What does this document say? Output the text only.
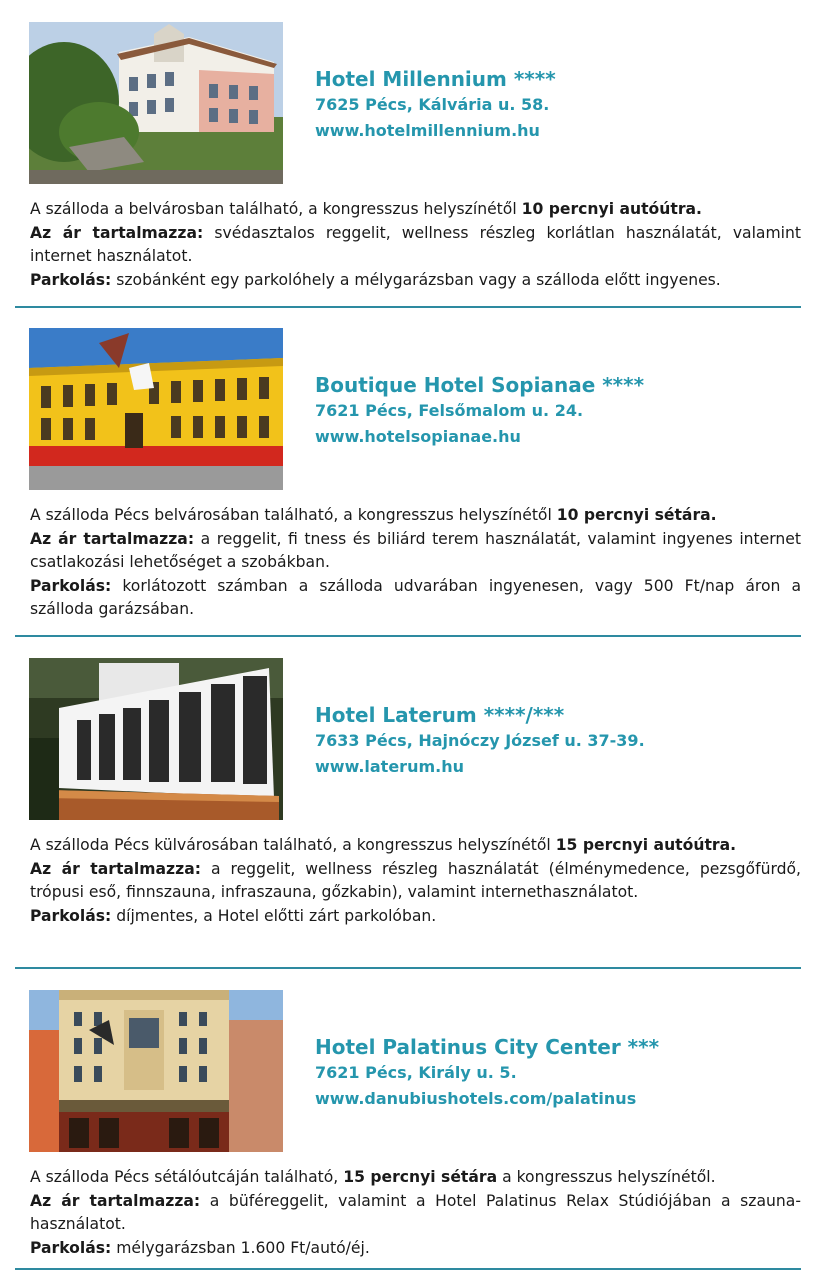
Hotel Millennium ****
7625 Pécs, Kálvária u. 58.
www.hotelmillennium.hu

A szálloda a belvárosban található, a kongresszus helyszínétől 10 percnyi autóútra.

Az ár tartalmazza: svédasztalos reggelit, wellness részleg korlátlan használatát, valamint internet használatot.

Parkolás: szobánként egy parkolóhely a mélygarázsban vagy a szálloda előtt ingyenes.

Boutique Hotel Sopianae ****
7621 Pécs, Felsőmalom u. 24.
www.hotelsopianae.hu

A szálloda Pécs belvárosában található, a kongresszus helyszínétől 10 percnyi sétára.

Az ár tartalmazza: a reggelit, fi tness és biliárd terem használatát, valamint ingyenes internet csatlakozási lehetőséget a szobákban.

Parkolás: korlátozott számban a szálloda udvarában ingyenesen, vagy 500 Ft/nap áron a szálloda garázsában.

Hotel Laterum ****/***
7633 Pécs, Hajnóczy József u. 37-39.
www.laterum.hu

A szálloda Pécs külvárosában található, a kongresszus helyszínétől 15 percnyi autóútra.

Az ár tartalmazza: a reggelit, wellness részleg használatát (élménymedence, pezsgőfürdő, trópusi eső, finnszauna, infraszauna, gőzkabin), valamint internethasználatot.

Parkolás: díjmentes, a Hotel előtti zárt parkolóban.

Hotel Palatinus City Center ***
7621 Pécs, Király u. 5.
www.danubiushotels.com/palatinus

A szálloda Pécs sétálóutcáján található, 15 percnyi sétára a kongresszus helyszínétől.

Az ár tartalmazza: a büféreggelit, valamint a Hotel Palatinus Relax Stúdiójában a szauna-használatot.

Parkolás: mélygarázsban 1.600 Ft/autó/éj.
